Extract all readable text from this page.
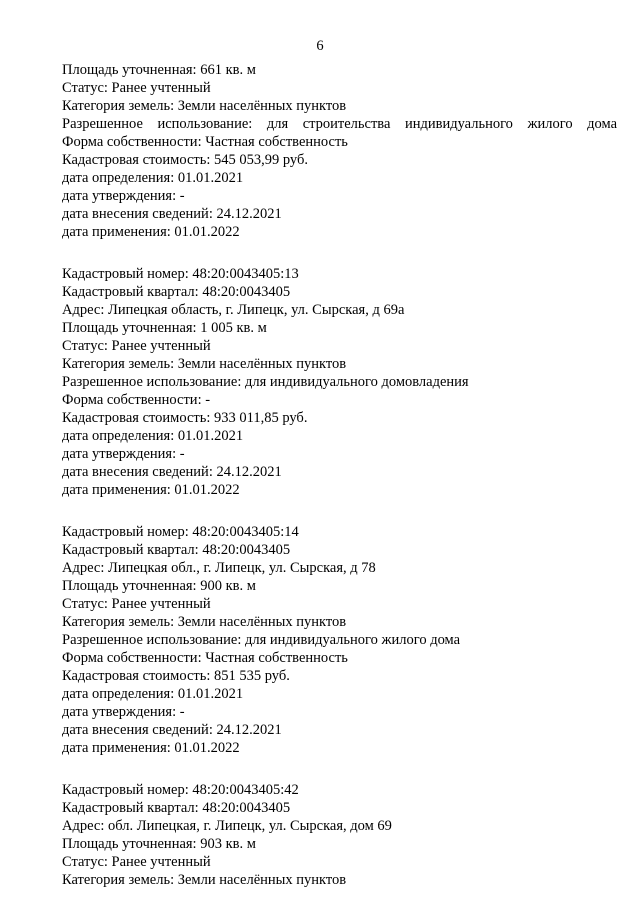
6
Площадь уточненная: 661 кв. м
Статус: Ранее учтенный
Категория земель: Земли населённых пунктов
Разрешенное использование: для строительства индивидуального жилого дома
Форма собственности: Частная собственность
Кадастровая стоимость: 545 053,99 руб.
дата определения: 01.01.2021
дата утверждения: -
дата внесения сведений: 24.12.2021
дата применения: 01.01.2022
Кадастровый номер: 48:20:0043405:13
Кадастровый квартал: 48:20:0043405
Адрес: Липецкая область, г. Липецк, ул. Сырская, д 69а
Площадь уточненная: 1 005 кв. м
Статус: Ранее учтенный
Категория земель: Земли населённых пунктов
Разрешенное использование: для индивидуального домовладения
Форма собственности: -
Кадастровая стоимость: 933 011,85 руб.
дата определения: 01.01.2021
дата утверждения: -
дата внесения сведений: 24.12.2021
дата применения: 01.01.2022
Кадастровый номер: 48:20:0043405:14
Кадастровый квартал: 48:20:0043405
Адрес: Липецкая обл., г. Липецк, ул. Сырская, д 78
Площадь уточненная: 900 кв. м
Статус: Ранее учтенный
Категория земель: Земли населённых пунктов
Разрешенное использование: для индивидуального жилого дома
Форма собственности: Частная собственность
Кадастровая стоимость: 851 535 руб.
дата определения: 01.01.2021
дата утверждения: -
дата внесения сведений: 24.12.2021
дата применения: 01.01.2022
Кадастровый номер: 48:20:0043405:42
Кадастровый квартал: 48:20:0043405
Адрес: обл. Липецкая, г. Липецк, ул. Сырская, дом 69
Площадь уточненная: 903 кв. м
Статус: Ранее учтенный
Категория земель: Земли населённых пунктов
